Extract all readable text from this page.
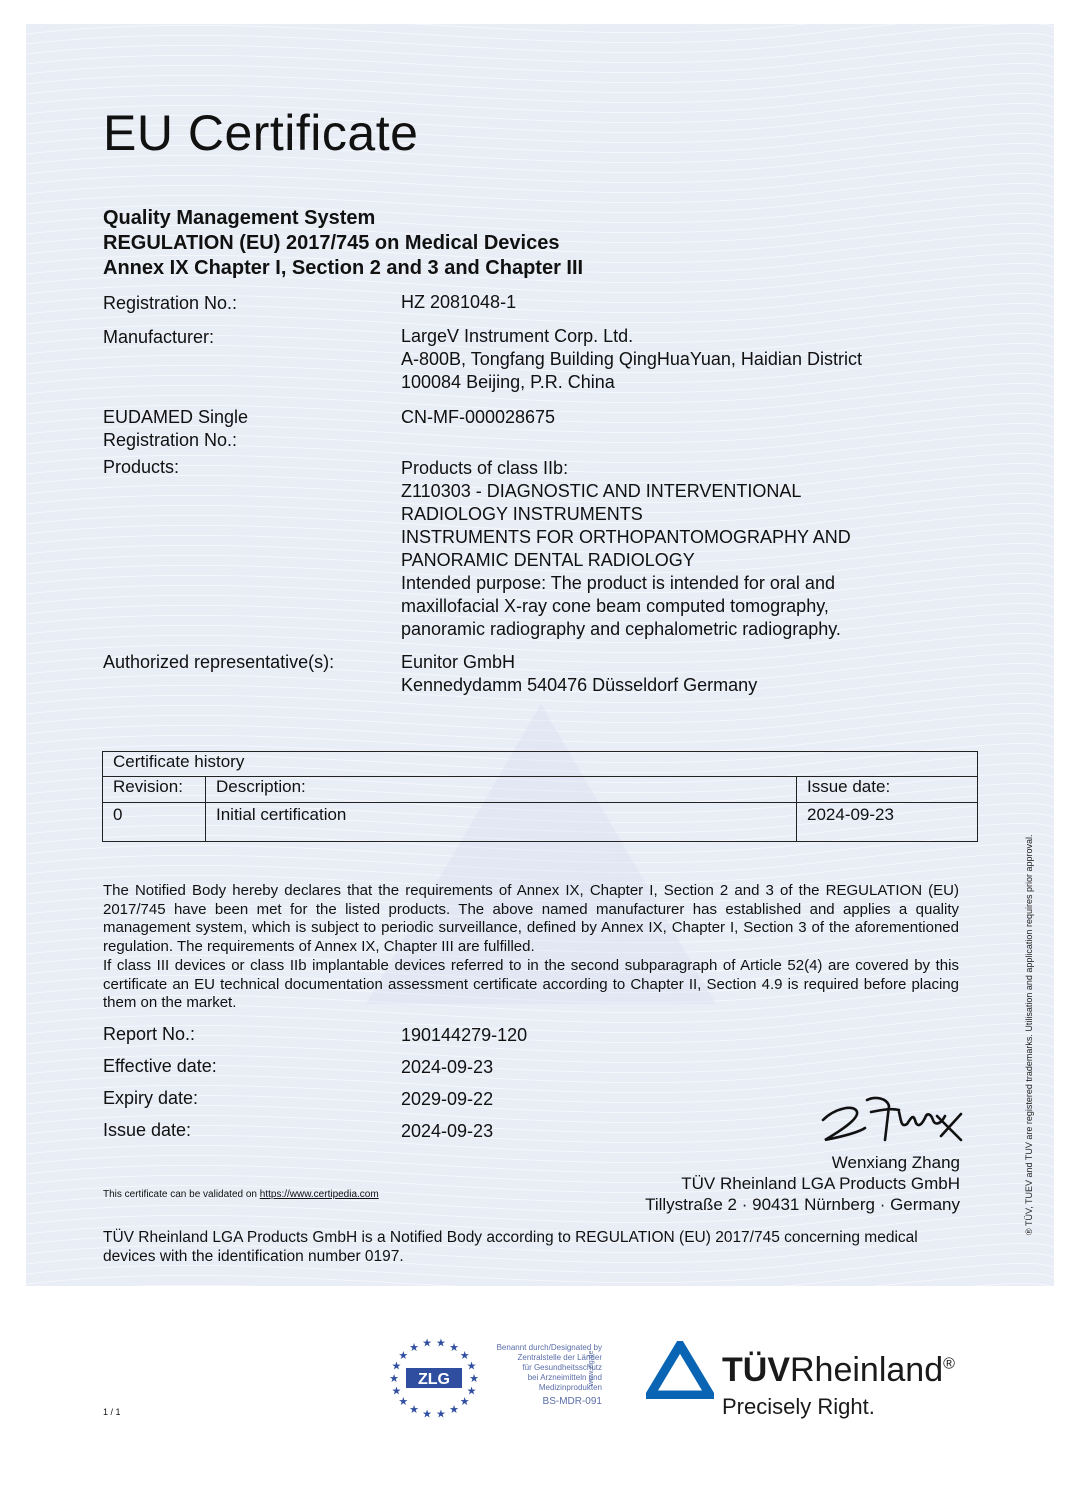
EU Certificate
Quality Management System
REGULATION (EU) 2017/745 on Medical Devices
Annex IX Chapter I, Section 2 and 3 and Chapter III
Registration No.:	HZ 2081048-1
Manufacturer:	LargeV Instrument Corp. Ltd.
A-800B, Tongfang Building QingHuaYuan, Haidian District
100084 Beijing, P.R. China
EUDAMED Single
Registration No.:
CN-MF-000028675
Products:	Products of class IIb:
Z110303 - DIAGNOSTIC AND INTERVENTIONAL
RADIOLOGY INSTRUMENTS
INSTRUMENTS FOR ORTHOPANTOMOGRAPHY AND
PANORAMIC DENTAL RADIOLOGY
Intended purpose: The product is intended for oral and
maxillofacial X-ray cone beam computed tomography,
panoramic radiography and cephalometric radiography.
Authorized representative(s):	Eunitor GmbH
Kennedydamm 540476 Düsseldorf Germany
Certificate history		
Revision:	Description:	Issue date:
0	Initial certification	2024-09-23
The Notified Body hereby declares that the requirements of Annex IX, Chapter I, Section 2 and 3 of the REGULATION (EU) 2017/745 have been met for the listed products. The above named manufacturer has established and applies a quality management system, which is subject to periodic surveillance, defined by Annex IX, Chapter I, Section 3 of the aforementioned regulation. The requirements of Annex IX, Chapter III are fulfilled.
If class III devices or class IIb implantable devices referred to in the second subparagraph of Article 52(4) are covered by this certificate an EU technical documentation assessment certificate according to Chapter II, Section 4.9 is required before placing them on the market.
Report No.:	190144279-120
Effective date:	2024-09-23
Expiry date:	2029-09-22
Issue date:	2024-09-23
Wenxiang Zhang
TÜV Rheinland LGA Products GmbH
Tillystraße 2 · 90431 Nürnberg · Germany
This certificate can be validated on https://www.certipedia.com
TÜV Rheinland LGA Products GmbH is a Notified Body according to REGULATION (EU) 2017/745 concerning medical devices with the identification number 0197.
® TÜV, TUEV and TUV are registered trademarks. Utilisation and application requires prior approval.
★
★
★
★
★
★
★
★
★
★
★
★
★ ★ ★ ★
★
★
ZLG
Benannt durch/Designated by
Zentralstelle der Länder
für Gesundheitsschutz
bei Arzneimitteln und
Medizinprodukten
BS-MDR-091
www.zlg.de	TÜVRheinland®
Precisely Right.
1 / 1
